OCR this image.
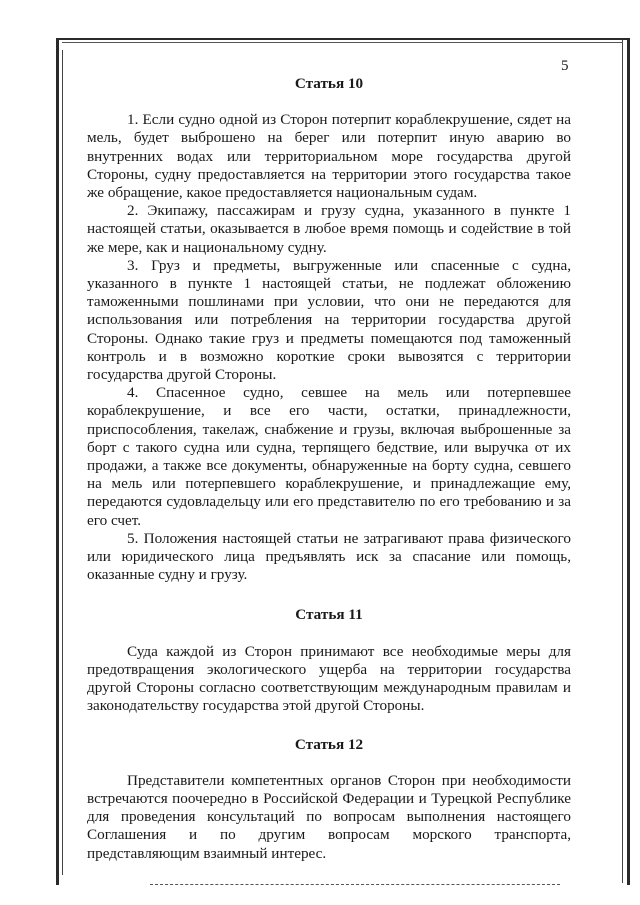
5
Статья 10

1. Если судно одной из Сторон потерпит кораблекрушение, сядет на мель, будет выброшено на берег или потерпит иную аварию во внутренних водах или территориальном море государства другой Стороны, судну предоставляется на территории этого государства такое же обращение, какое предоставляется национальным судам.

2. Экипажу, пассажирам и грузу судна, указанного в пункте 1 настоящей статьи, оказывается в любое время помощь и содействие в той же мере, как и национальному судну.

3. Груз и предметы, выгруженные или спасенные с судна, указанного в пункте 1 настоящей статьи, не подлежат обложению таможенными пошлинами при условии, что они не передаются для использования или потребления на территории государства другой Стороны. Однако такие груз и предметы помещаются под таможенный контроль и в возможно короткие сроки вывозятся с территории государства другой Стороны.

4. Спасенное судно, севшее на мель или потерпевшее кораблекрушение, и все его части, остатки, принадлежности, приспособления, такелаж, снабжение и грузы, включая выброшенные за борт с такого судна или судна, терпящего бедствие, или выручка от их продажи, а также все документы, обнаруженные на борту судна, севшего на мель или потерпевшего кораблекрушение, и принадлежащие ему, передаются судовладельцу или его представителю по его требованию и за его счет.

5. Положения настоящей статьи не затрагивают права физического или юридического лица предъявлять иск за спасание или помощь, оказанные судну и грузу.

Статья 11

Суда каждой из Сторон принимают все необходимые меры для предотвращения экологического ущерба на территории государства другой Стороны согласно соответствующим международным правилам и законодательству государства этой другой Стороны.

Статья 12

Представители компетентных органов Сторон при необходимости встречаются поочередно в Российской Федерации и Турецкой Республике для проведения консультаций по вопросам выполнения настоящего Соглашения и по другим вопросам морского транспорта, представляющим взаимный интерес.
